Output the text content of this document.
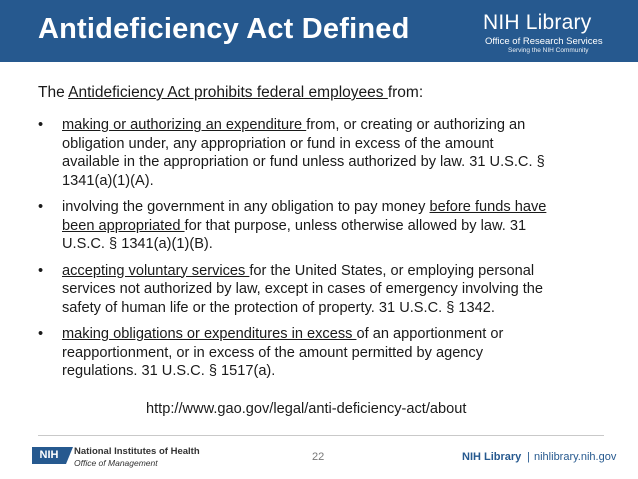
Antideficiency Act Defined	NIH Library
Office of Research Services
Serving the NIH Community
The Antideficiency Act prohibits federal employees from:
• making or authorizing an expenditure from, or creating or authorizing an
obligation under, any appropriation or fund in excess of the amount
available in the appropriation or fund unless authorized by law. 31 U.S.C. §
1341(a)(1)(A).
• involving the government in any obligation to pay money before funds have
been appropriated for that purpose, unless otherwise allowed by law. 31
U.S.C. § 1341(a)(1)(B).
• accepting voluntary services for the United States, or employing personal
services not authorized by law, except in cases of emergency involving the
safety of human life or the protection of property. 31 U.S.C. § 1342.
• making obligations or expenditures in excess of an apportionment or
reapportionment, or in excess of the amount permitted by agency
regulations. 31 U.S.C. § 1517(a).
http://www.gao.gov/legal/anti-deficiency-act/about
NIH	National Institutes of Health
Office of Management	22	NIH Library | nihlibrary.nih.gov
